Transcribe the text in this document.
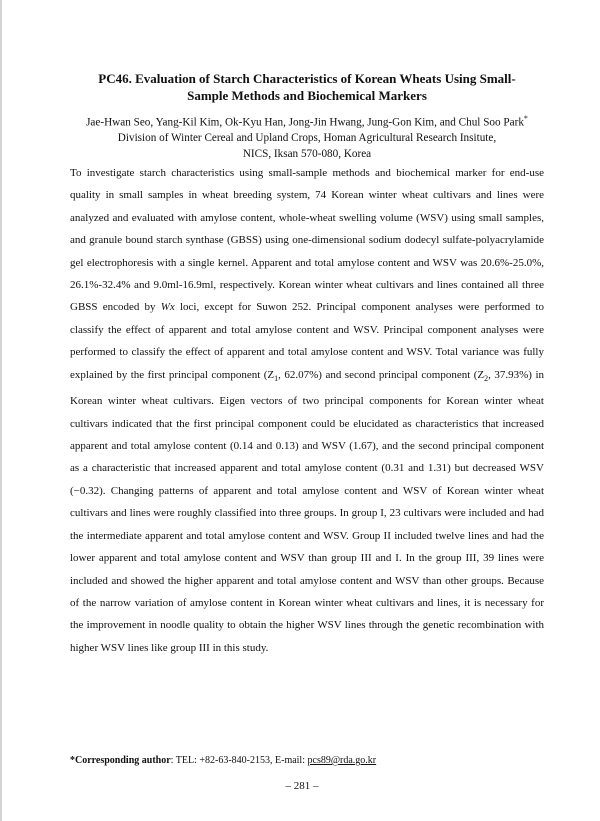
PC46. Evaluation of Starch Characteristics of Korean Wheats Using Small-
Sample Methods and Biochemical Markers
Jae-Hwan Seo, Yang-Kil Kim, Ok-Kyu Han, Jong-Jin Hwang, Jung-Gon Kim, and Chul Soo Park*
Division of Winter Cereal and Upland Crops, Homan Agricultural Research Insitute,
NICS, Iksan 570-080, Korea

To investigate starch characteristics using small-sample methods and biochemical marker for end-use quality in small samples in wheat breeding system, 74 Korean winter wheat cultivars and lines were analyzed and evaluated with amylose content, whole-wheat swelling volume (WSV) using small samples, and granule bound starch synthase (GBSS) using one-dimensional sodium dodecyl sulfate-polyacrylamide gel electrophoresis with a single kernel. Apparent and total amylose content and WSV was 20.6%-25.0%, 26.1%-32.4% and 9.0ml-16.9ml, respectively. Korean winter wheat cultivars and lines contained all three GBSS encoded by Wx loci, except for Suwon 252. Principal component analyses were performed to classify the effect of apparent and total amylose content and WSV. Principal component analyses were performed to classify the effect of apparent and total amylose content and WSV. Total variance was fully explained by the first principal component ($Z_1$, 62.07%) and second principal component ($Z_2$, 37.93%) in Korean winter wheat cultivars. Eigen vectors of two principal components for Korean winter wheat cultivars indicated that the first principal component could be elucidated as characteristics that increased apparent and total amylose content (0.14 and 0.13) and WSV (1.67), and the second principal component as a characteristic that increased apparent and total amylose content (0.31 and 1.31) but decreased WSV (−0.32). Changing patterns of apparent and total amylose content and WSV of Korean winter wheat cultivars and lines were roughly classified into three groups. In group I, 23 cultivars were included and had the intermediate apparent and total amylose content and WSV. Group II included twelve lines and had the lower apparent and total amylose content and WSV than group III and I. In the group III, 39 lines were included and showed the higher apparent and total amylose content and WSV than other groups. Because of the narrow variation of amylose content in Korean winter wheat cultivars and lines, it is necessary for the improvement in noodle quality to obtain the higher WSV lines through the genetic recombination with higher WSV lines like group III in this study.

*Corresponding author: TEL: +82-63-840-2153, E-mail: pcs89@rda.go.kr
– 281 –
